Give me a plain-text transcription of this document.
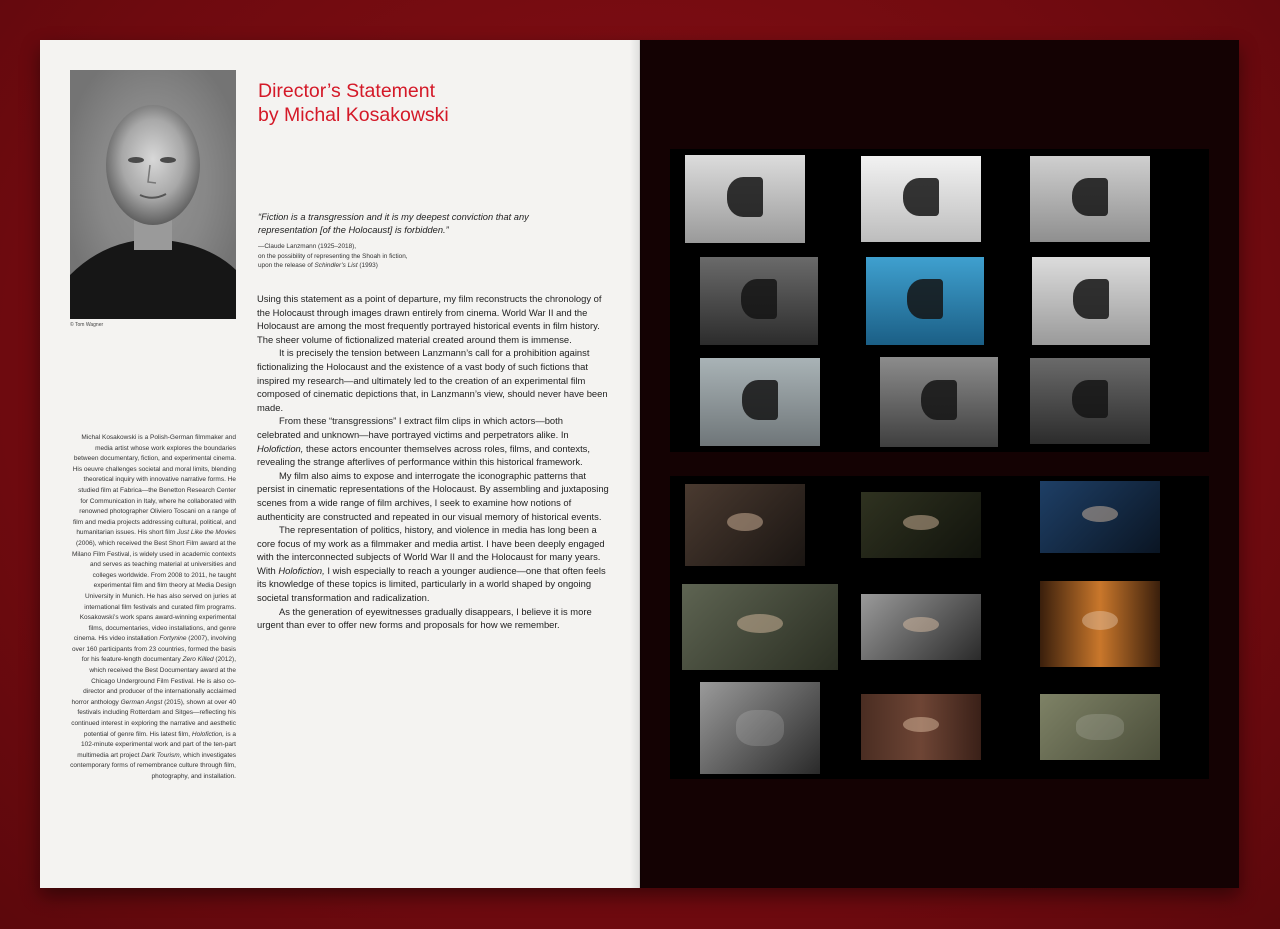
© Tom Wagner
Director’s Statement
by Michal Kosakowski
“Fiction is a transgression and it is my deepest conviction that any representation [of the Holocaust] is forbidden.”
—Claude Lanzmann (1925–2018),
on the possibility of representing the Shoah in fiction,
upon the release of Schindler’s List (1993)

Using this statement as a point of departure, my film reconstructs the chronology of the Holocaust through images drawn entirely from cinema. World War II and the Holocaust are among the most frequently portrayed historical events in film history. The sheer volume of fictionalized material created around them is immense.

It is precisely the tension between Lanzmann’s call for a prohibition against fictionalizing the Holocaust and the existence of a vast body of such fictions that inspired my research—and ultimately led to the creation of an experimental film composed of cinematic depictions that, in Lanzmann’s view, should never have been made.

From these “transgressions” I extract film clips in which actors—both celebrated and unknown—have portrayed victims and perpetrators alike. In Holofiction, these actors encounter themselves across roles, films, and contexts, revealing the strange afterlives of performance within this historical framework.

My film also aims to expose and interrogate the iconographic patterns that persist in cinematic representations of the Holocaust. By assembling and juxtaposing scenes from a wide range of film archives, I seek to examine how notions of authenticity are constructed and repeated in our visual memory of historical events.

The representation of politics, history, and violence in media has long been a core focus of my work as a filmmaker and media artist. I have been deeply engaged with the interconnected subjects of World War II and the Holocaust for many years. With Holofiction, I wish especially to reach a younger audience—one that often feels its knowledge of these topics is limited, particularly in a world shaped by ongoing societal transformation and radicalization.

As the generation of eyewitnesses gradually disappears, I believe it is more urgent than ever to offer new forms and proposals for how we remember.

Michal Kosakowski is a Polish-German filmmaker and media artist whose work explores the boundaries between documentary, fiction, and experimental cinema. His oeuvre challenges societal and moral limits, blending theoretical inquiry with innovative narrative forms. He studied film at Fabrica—the Benetton Research Center for Communication in Italy, where he collaborated with renowned photographer Oliviero Toscani on a range of film and media projects addressing cultural, political, and humanitarian issues. His short film Just Like the Movies (2006), which received the Best Short Film award at the Milano Film Festival, is widely used in academic contexts and serves as teaching material at universities and colleges worldwide. From 2008 to 2011, he taught experimental film and film theory at Media Design University in Munich. He has also served on juries at international film festivals and curated film programs. Kosakowski’s work spans award-winning experimental films, documentaries, video installations, and genre cinema. His video installation Fortynine (2007), involving over 160 participants from 23 countries, formed the basis for his feature-length documentary Zero Killed (2012), which received the Best Documentary award at the Chicago Underground Film Festival. He is also co-director and producer of the internationally acclaimed horror anthology German Angst (2015), shown at over 40 festivals including Rotterdam and Sitges—reflecting his continued interest in exploring the narrative and aesthetic potential of genre film. His latest film, Holofiction, is a 102-minute experimental work and part of the ten-part multimedia art project Dark Tourism, which investigates contemporary forms of remembrance culture through film, photography, and installation.
